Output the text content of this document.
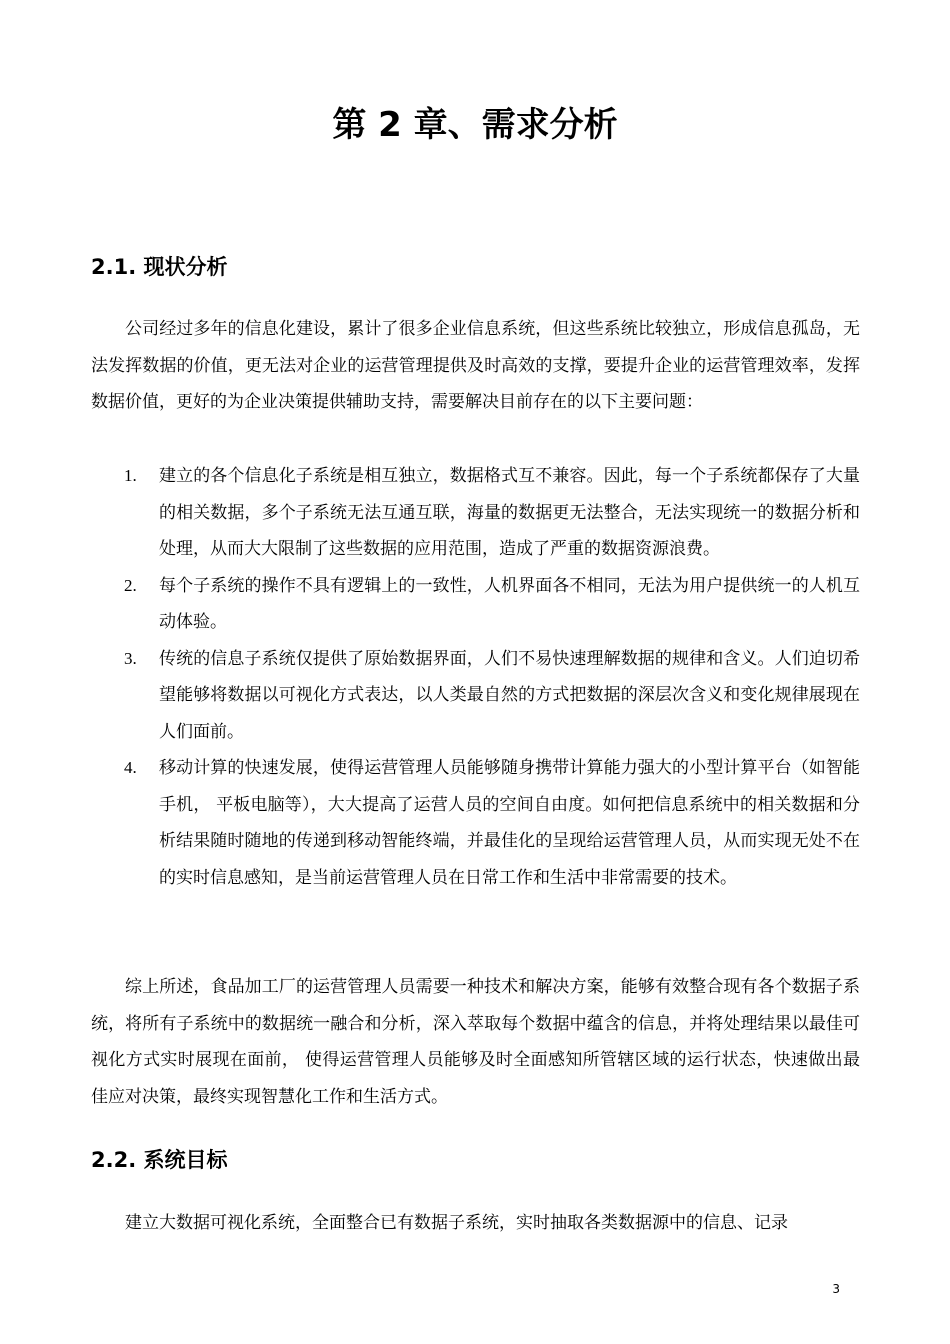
第 2 章、需求分析
2.1. 现状分析

公司经过多年的信息化建设，累计了很多企业信息系统，但这些系统比较独立，形成信息孤岛，无法发挥数据的价值，更无法对企业的运营管理提供及时高效的支撑，要提升企业的运营管理效率，发挥数据价值，更好的为企业决策提供辅助支持，需要解决目前存在的以下主要问题：

1. 建立的各个信息化子系统是相互独立，数据格式互不兼容。因此，每一个子系统都保存了大量的相关数据，多个子系统无法互通互联，海量的数据更无法整合，无法实现统一的数据分析和处理，从而大大限制了这些数据的应用范围，造成了严重的数据资源浪费。
2. 每个子系统的操作不具有逻辑上的一致性，人机界面各不相同，无法为用户提供统一的人机互动体验。
3. 传统的信息子系统仅提供了原始数据界面，人们不易快速理解数据的规律和含义。人们迫切希望能够将数据以可视化方式表达，以人类最自然的方式把数据的深层次含义和变化规律展现在人们面前。
4. 移动计算的快速发展，使得运营管理人员能够随身携带计算能力强大的小型计算平台（如智能手机， 平板电脑等），大大提高了运营人员的空间自由度。如何把信息系统中的相关数据和分析结果随时随地的传递到移动智能终端，并最佳化的呈现给运营管理人员，从而实现无处不在的实时信息感知，是当前运营管理人员在日常工作和生活中非常需要的技术。

综上所述，食品加工厂的运营管理人员需要一种技术和解决方案，能够有效整合现有各个数据子系统，将所有子系统中的数据统一融合和分析，深入萃取每个数据中蕴含的信息，并将处理结果以最佳可视化方式实时展现在面前， 使得运营管理人员能够及时全面感知所管辖区域的运行状态，快速做出最佳应对决策，最终实现智慧化工作和生活方式。

2.2. 系统目标

建立大数据可视化系统，全面整合已有数据子系统，实时抽取各类数据源中的信息、记录

3
